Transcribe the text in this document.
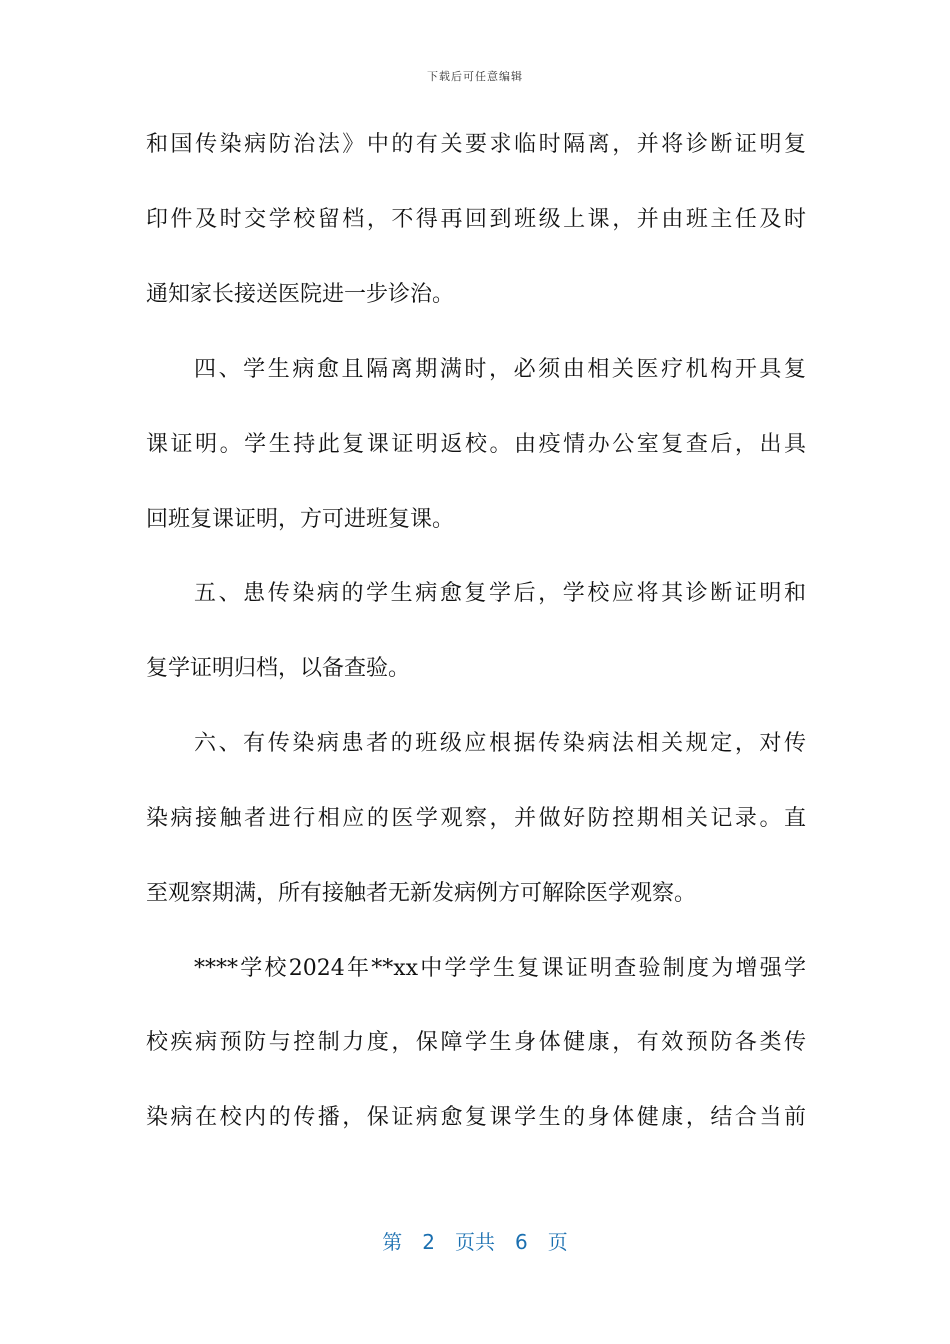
下载后可任意编辑
和国传染病防治法》中的有关要求临时隔离，并将诊断证明复
印件及时交学校留档，不得再回到班级上课，并由班主任及时
通知家长接送医院进一步诊治。
四、学生病愈且隔离期满时，必须由相关医疗机构开具复
课证明。学生持此复课证明返校。由疫情办公室复查后，出具
回班复课证明，方可进班复课。
五、患传染病的学生病愈复学后，学校应将其诊断证明和
复学证明归档，以备查验。
六、有传染病患者的班级应根据传染病法相关规定，对传
染病接触者进行相应的医学观察，并做好防控期相关记录。直
至观察期满，所有接触者无新发病例方可解除医学观察。
****学校2024年**xx中学学生复课证明查验制度为增强学
校疾病预防与控制力度，保障学生身体健康，有效预防各类传
染病在校内的传播，保证病愈复课学生的身体健康，结合当前
第 2 页共 6 页
